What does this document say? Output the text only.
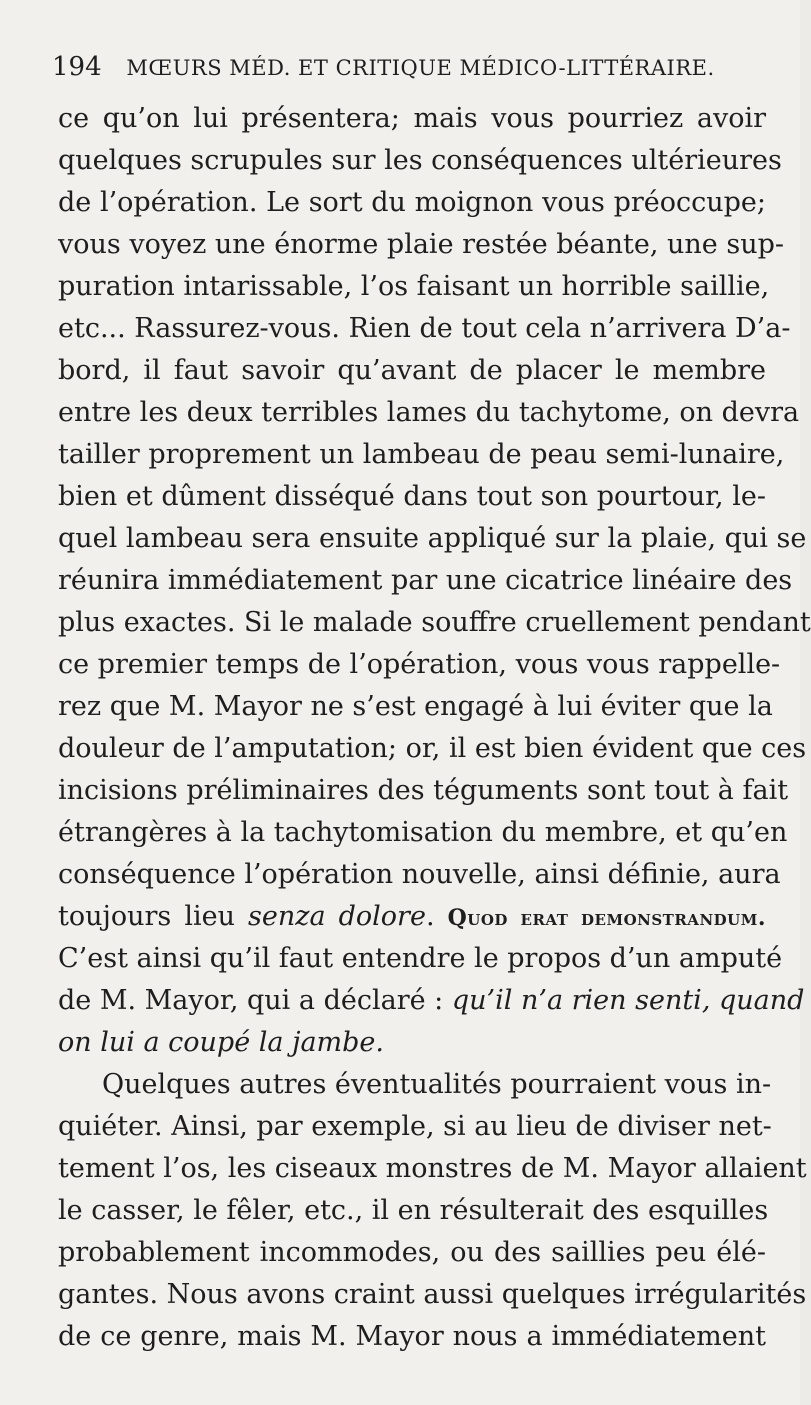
194 MŒURS MÉD. ET CRITIQUE MÉDICO-LITTÉRAIRE.
ce qu’on lui présentera; mais vous pourriez avoir
quelques scrupules sur les conséquences ultérieures
de l’opération. Le sort du moignon vous préoccupe;
vous voyez une énorme plaie restée béante, une sup-
puration intarissable, l’os faisant un horrible saillie,
etc... Rassurez-vous. Rien de tout cela n’arrivera D’a-
bord, il faut savoir qu’avant de placer le membre
entre les deux terribles lames du tachytome, on devra
tailler proprement un lambeau de peau semi-lunaire,
bien et dûment disséqué dans tout son pourtour, le-
quel lambeau sera ensuite appliqué sur la plaie, qui se
réunira immédiatement par une cicatrice linéaire des
plus exactes. Si le malade souffre cruellement pendant
ce premier temps de l’opération, vous vous rappelle-
rez que M. Mayor ne s’est engagé à lui éviter que la
douleur de l’amputation; or, il est bien évident que ces
incisions préliminaires des téguments sont tout à fait
étrangères à la tachytomisation du membre, et qu’en
conséquence l’opération nouvelle, ainsi définie, aura
toujours lieu senza dolore. Quod erat demonstrandum.
C’est ainsi qu’il faut entendre le propos d’un amputé
de M. Mayor, qui a déclaré : qu’il n’a rien senti, quand
on lui a coupé la jambe.
Quelques autres éventualités pourraient vous in-
quiéter. Ainsi, par exemple, si au lieu de diviser net-
tement l’os, les ciseaux monstres de M. Mayor allaient
le casser, le fêler, etc., il en résulterait des esquilles
probablement incommodes, ou des saillies peu élé-
gantes. Nous avons craint aussi quelques irrégularités
de ce genre, mais M. Mayor nous a immédiatement
